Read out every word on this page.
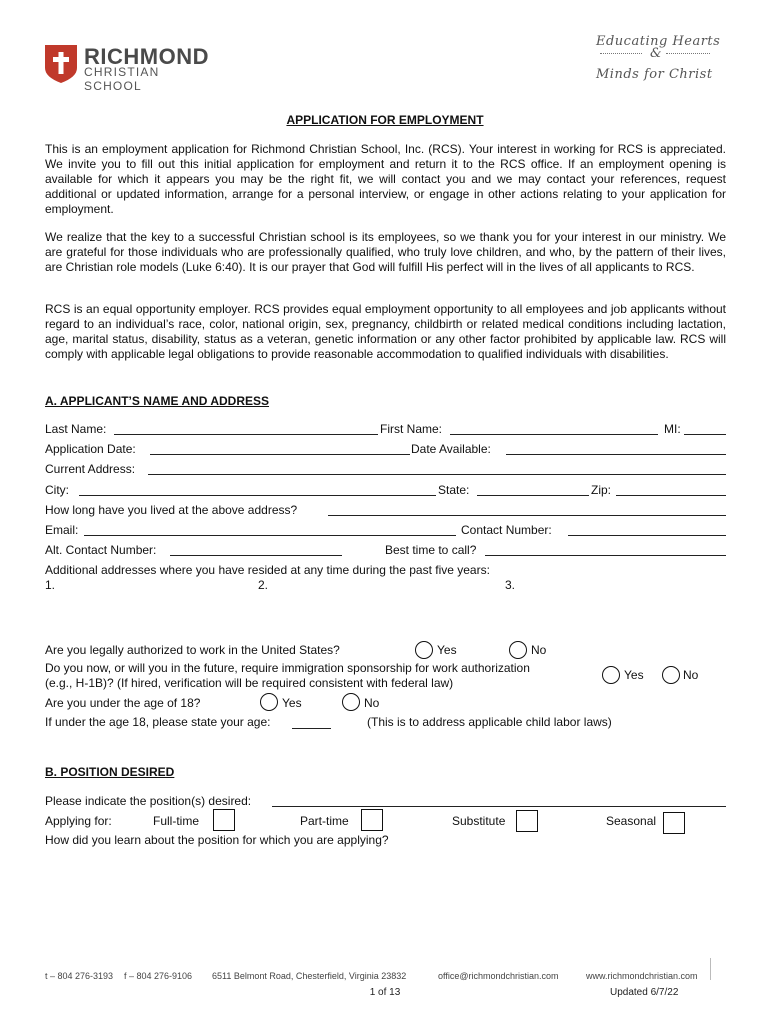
RICHMOND
CHRISTIAN SCHOOL
Educating Hearts
&
Minds for Christ
APPLICATION FOR EMPLOYMENT
This is an employment application for Richmond Christian School, Inc. (RCS). Your interest in working for RCS is appreciated. We invite you to fill out this initial application for employment and return it to the RCS office. If an employment opening is available for which it appears you may be the right fit, we will contact you and we may contact your references, request additional or updated information, arrange for a personal interview, or engage in other actions relating to your application for employment.
We realize that the key to a successful Christian school is its employees, so we thank you for your interest in our ministry. We are grateful for those individuals who are professionally qualified, who truly love children, and who, by the pattern of their lives, are Christian role models (Luke 6:40). It is our prayer that God will fulfill His perfect will in the lives of all applicants to RCS.
RCS is an equal opportunity employer. RCS provides equal employment opportunity to all employees and job applicants without regard to an individual’s race, color, national origin, sex, pregnancy, childbirth or related medical conditions including lactation, age, marital status, disability, status as a veteran, genetic information or any other factor prohibited by applicable law. RCS will comply with applicable legal obligations to provide reasonable accommodation to qualified individuals with disabilities.
A. APPLICANT’S NAME AND ADDRESS
Last Name:	First Name:	MI:
Application Date:	Date Available:
Current Address:
City:	State:	Zip:
How long have you lived at the above address?
Email:	Contact Number:
Alt. Contact Number:	Best time to call?
Additional addresses where you have resided at any time during the past five years:
1.	2.	3.
Are you legally authorized to work in the United States?	Yes	No
Do you now, or will you in the future, require immigration sponsorship for work authorization
(e.g., H-1B)? (If hired, verification will be required consistent with federal law)
Yes	No
Are you under the age of 18?	Yes	No
If under the age 18, please state your age:	(This is to address applicable child labor laws)
B. POSITION DESIRED
Please indicate the position(s) desired:
Applying for:	Full-time	Part-time	Substitute	Seasonal
How did you learn about the position for which you are applying?
t – 804 276-3193 f – 804 276-9106 6511 Belmont Road, Chesterfield, Virginia 23832	office@richmondchristian.com	www.richmondchristian.com
1 of 13	Updated 6/7/22
